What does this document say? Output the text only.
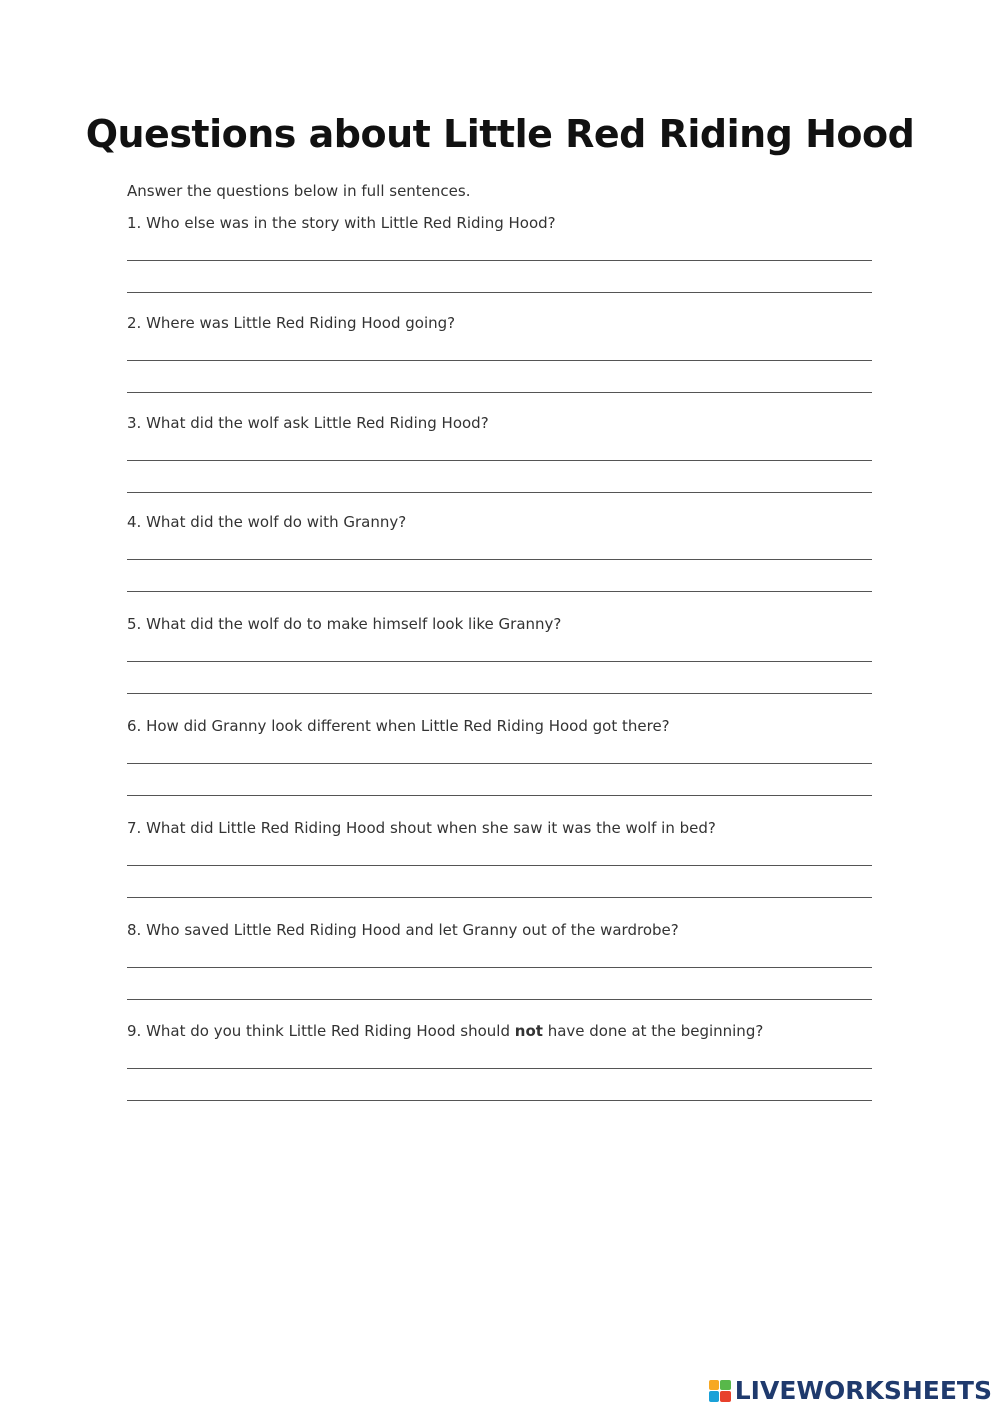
Questions about Little Red Riding Hood

Answer the questions below in full sentences.

1. Who else was in the story with Little Red Riding Hood?

2. Where was Little Red Riding Hood going?

3. What did the wolf ask Little Red Riding Hood?

4. What did the wolf do with Granny?

5. What did the wolf do to make himself look like Granny?

6. How did Granny look different when Little Red Riding Hood got there?

7. What did Little Red Riding Hood shout when she saw it was the wolf in bed?

8. Who saved Little Red Riding Hood and let Granny out of the wardrobe?

9. What do you think Little Red Riding Hood should not have done at the beginning?

LIVEWORKSHEETS
